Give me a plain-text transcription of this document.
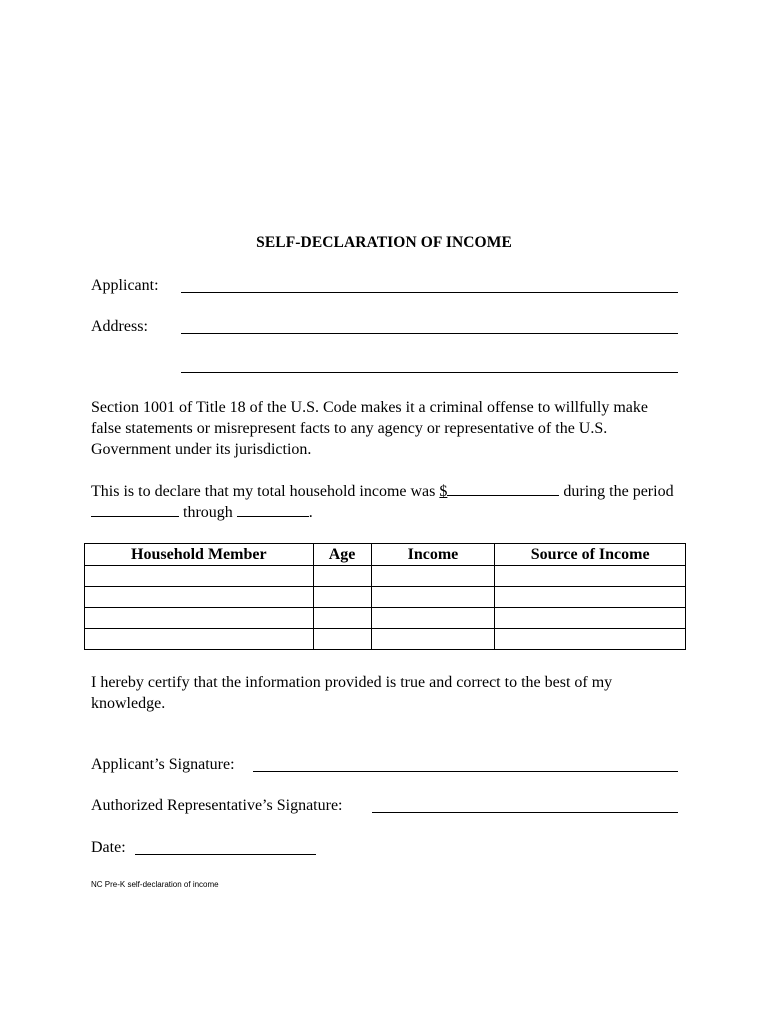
SELF-DECLARATION OF INCOME
Applicant:
Address:
Section 1001 of Title 18 of the U.S. Code makes it a criminal offense to willfully make false statements or misrepresent facts to any agency or representative of the U.S. Government under its jurisdiction.
This is to declare that my total household income was $	during the period  through	.
Household Member	Age	Income	Source of Income

I hereby certify that the information provided is true and correct to the best of my knowledge.
Applicant’s Signature:
Authorized Representative’s Signature:
Date:
NC Pre-K self-declaration of income
